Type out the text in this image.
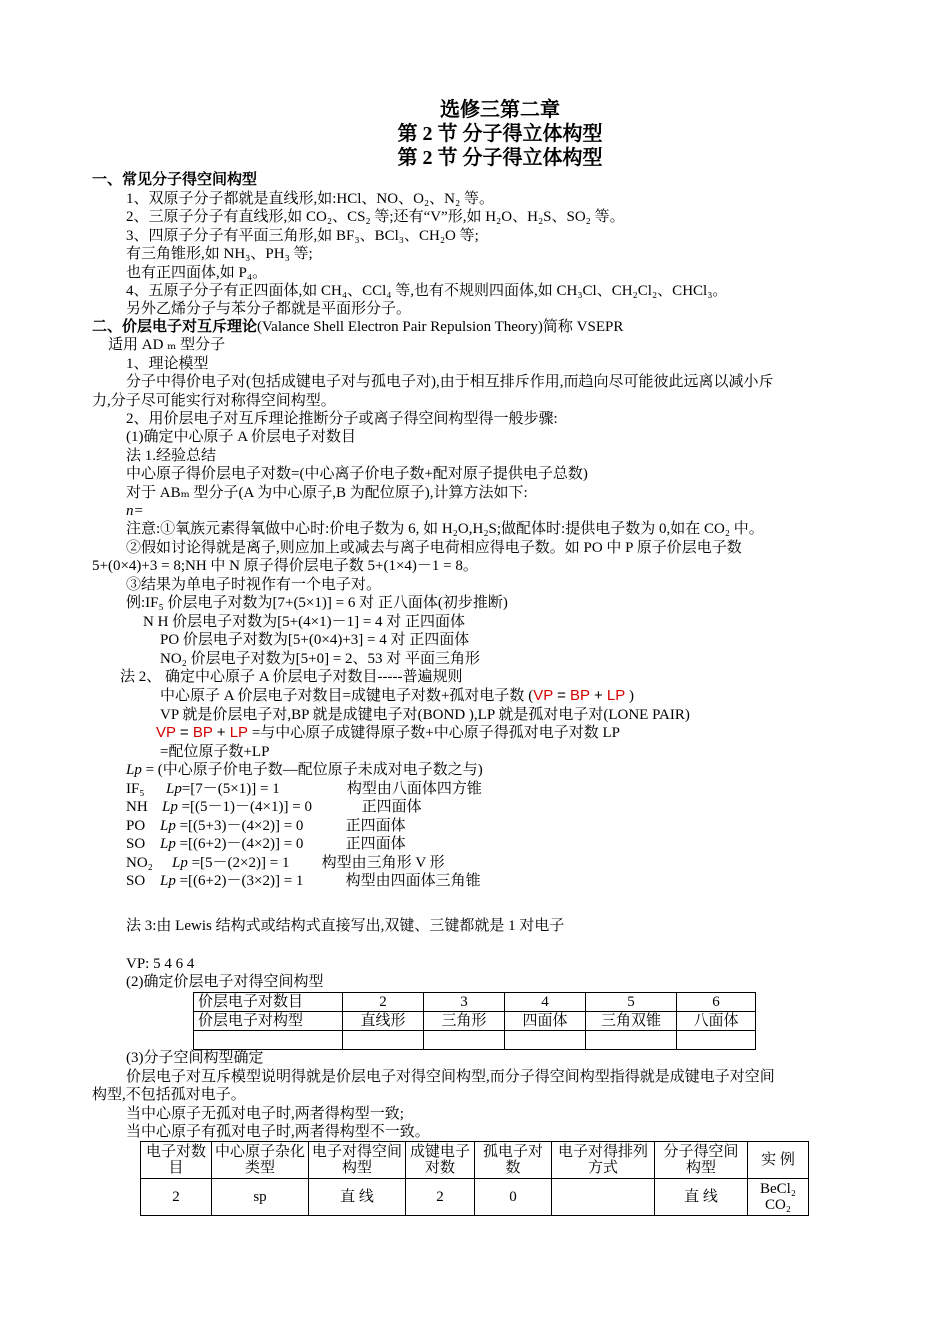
选修三第二章
第 2 节 分子得立体构型
第 2 节 分子得立体构型
一、常见分子得空间构型
1、双原子分子都就是直线形,如:HCl、NO、O₂、N₂ 等。
2、三原子分子有直线形,如 CO₂、CS₂ 等;还有“V”形,如 H₂O、H₂S、SO₂ 等。
3、四原子分子有平面三角形,如 BF₃、BCl₃、CH₂O 等;
有三角锥形,如 NH₃、PH₃ 等;
也有正四面体,如 P₄。
4、五原子分子有正四面体,如 CH₄、CCl₄ 等,也有不规则四面体,如 CH₃Cl、CH₂Cl₂、CHCl₃。
另外乙烯分子与苯分子都就是平面形分子。
二、价层电子对互斥理论(Valance Shell Electron Pair Repulsion Theory)简称 VSEPR
适用 AD ₘ 型分子
1、理论模型
分子中得价电子对(包括成键电子对与孤电子对),由于相互排斥作用,而趋向尽可能彼此远离以减小斥
力,分子尽可能实行对称得空间构型。
2、用价层电子对互斥理论推断分子或离子得空间构型得一般步骤:
(1)确定中心原子 A 价层电子对数目
法 1.经验总结
中心原子得价层电子对数=(中心离子价电子数+配对原子提供电子总数)
对于 ABₘ 型分子(A 为中心原子,B 为配位原子),计算方法如下:
n=
注意:①氧族元素得氧做中心时:价电子数为 6, 如 H₂O,H₂S;做配体时:提供电子数为 0,如在 CO₂ 中。
②假如讨论得就是离子,则应加上或减去与离子电荷相应得电子数。如 PO 中 P 原子价层电子数
5+(0×4)+3 = 8;NH 中 N 原子得价层电子数 5+(1×4)－1 = 8。
③结果为单电子时视作有一个电子对。
例:IF₅ 价层电子对数为[7+(5×1)] = 6 对 正八面体(初步推断)
N H 价层电子对数为[5+(4×1)－1] = 4 对 正四面体
PO 价层电子对数为[5+(0×4)+3] = 4 对 正四面体
NO₂ 价层电子对数为[5+0] = 2、53 对 平面三角形
法 2、 确定中心原子 A 价层电子对数目-----普遍规则
中心原子 A 价层电子对数目=成键电子对数+孤对电子数 (VP = BP + LP )
VP 就是价层电子对,BP 就是成键电子对(BOND ),LP 就是孤对电子对(LONE PAIR)
VP = BP + LP =与中心原子成键得原子数+中心原子得孤对电子对数 LP
=配位原子数+LP
Lp = (中心原子价电子数—配位原子未成对电子数之与)
IF₅ Lp=[7－(5×1)] = 1	构型由八面体四方锥
NH Lp =[(5－1)－(4×1)] = 0	正四面体
PO Lp =[(5+3)－(4×2)] = 0	正四面体
SO Lp =[(6+2)－(4×2)] = 0	正四面体
NO₂ Lp =[5－(2×2)] = 1 构型由三角形 V 形
SO Lp =[(6+2)－(3×2)] = 1	构型由四面体三角锥
法 3:由 Lewis 结构式或结构式直接写出,双键、三键都就是 1 对电子
VP: 5 4 6 4
(2)确定价层电子对得空间构型
价层电子对数目	2	3	4	5	6
价层电子对构型	直线形	三角形	四面体	三角双锥	八面体

(3)分子空间构型确定
价层电子对互斥模型说明得就是价层电子对得空间构型,而分子得空间构型指得就是成键电子对空间
构型,不包括孤对电子。
当中心原子无孤对电子时,两者得构型一致;
当中心原子有孤对电子时,两者得构型不一致。
电子对数目	中心原子杂化类型	电子对得空间构型	成键电子对数	孤电子对 数	电子对得排列方式	分子得空间构型	实 例
2	sp	直 线	2	0		直 线	BeCl₂ CO₂
